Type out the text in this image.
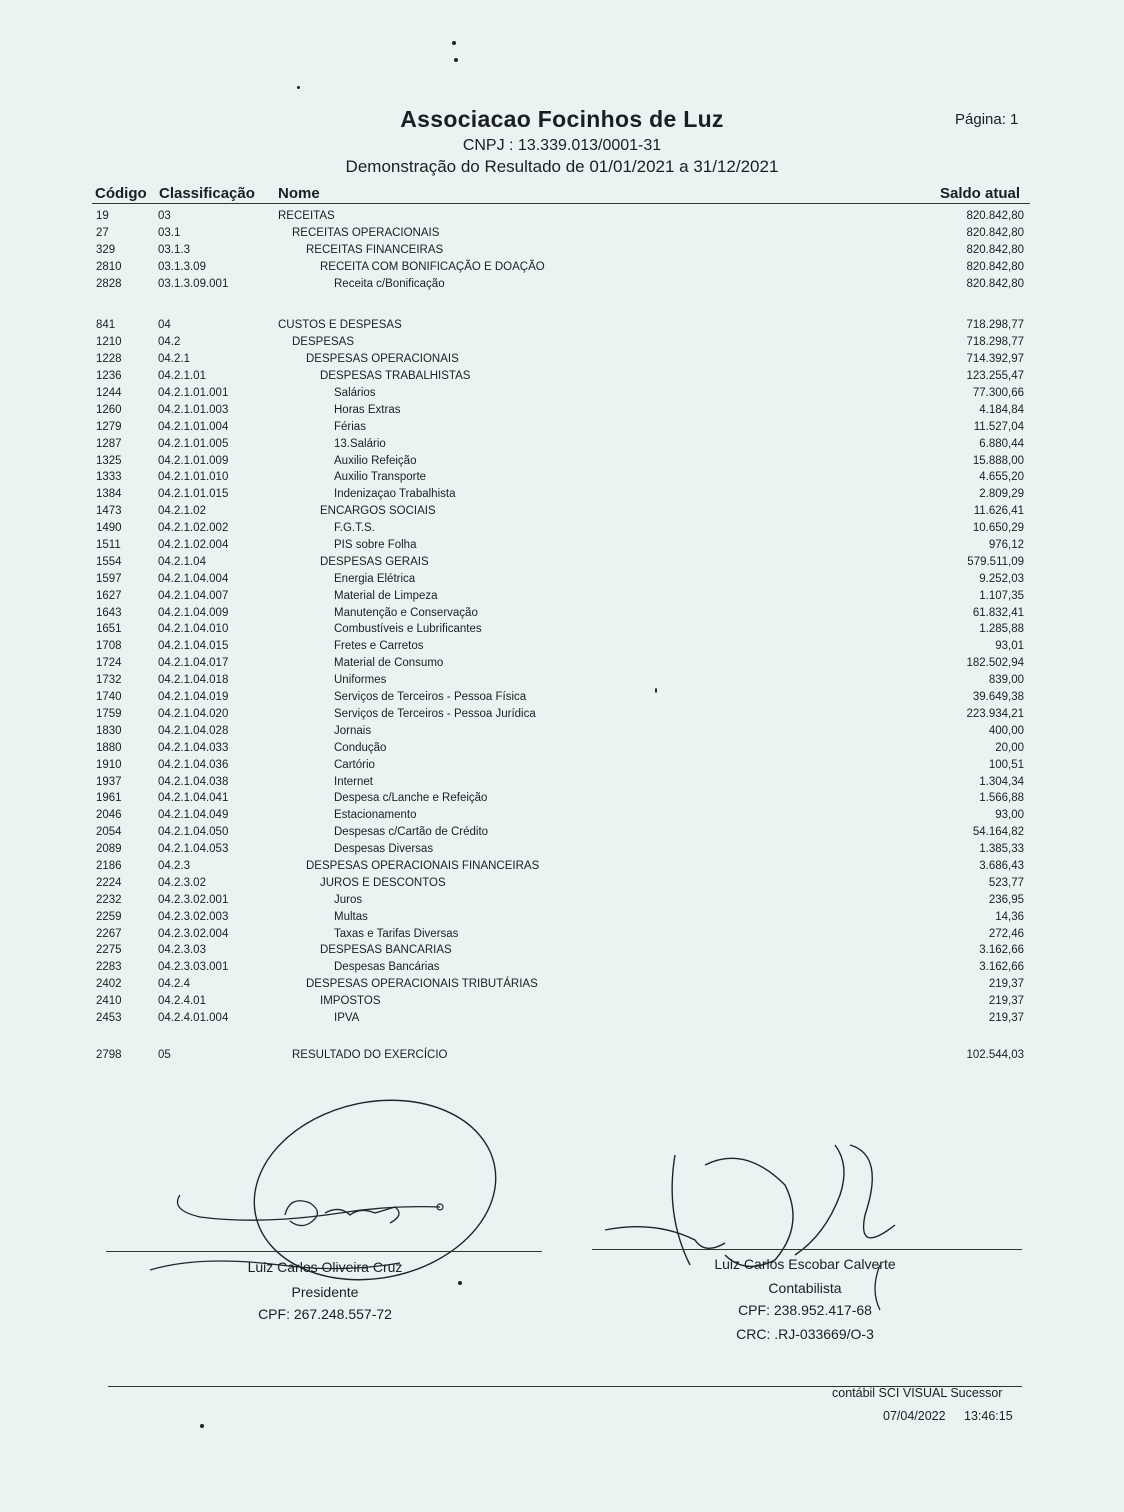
Associacao Focinhos de Luz
CNPJ : 13.339.013/0001-31
Demonstração do Resultado de 01/01/2021 a 31/12/2021
Página: 1
Código Classificação Nome	Saldo atual
19	03	RECEITAS	820.842,80
27	03.1	RECEITAS OPERACIONAIS	820.842,80
329	03.1.3	RECEITAS FINANCEIRAS	820.842,80
2810	03.1.3.09	RECEITA COM BONIFICAÇÃO E DOAÇÃO	820.842,80
2828	03.1.3.09.001	Receita c/Bonificação	820.842,80
841	04	CUSTOS E DESPESAS	718.298,77
1210	04.2	DESPESAS	718.298,77
1228	04.2.1	DESPESAS OPERACIONAIS	714.392,97
1236	04.2.1.01	DESPESAS TRABALHISTAS	123.255,47
1244	04.2.1.01.001	Salários	77.300,66
1260	04.2.1.01.003	Horas Extras	4.184,84
1279	04.2.1.01.004	Férias	11.527,04
1287	04.2.1.01.005	13.Salário	6.880,44
1325	04.2.1.01.009	Auxilio Refeição	15.888,00
1333	04.2.1.01.010	Auxilio Transporte	4.655,20
1384	04.2.1.01.015	Indenizaçao Trabalhista	2.809,29
1473	04.2.1.02	ENCARGOS SOCIAIS	11.626,41
1490	04.2.1.02.002	F.G.T.S.	10.650,29
1511	04.2.1.02.004	PIS sobre Folha	976,12
1554	04.2.1.04	DESPESAS GERAIS	579.511,09
1597	04.2.1.04.004	Energia Elétrica	9.252,03
1627	04.2.1.04.007	Material de Limpeza	1.107,35
1643	04.2.1.04.009	Manutenção e Conservação	61.832,41
1651	04.2.1.04.010	Combustíveis e Lubrificantes	1.285,88
1708	04.2.1.04.015	Fretes e Carretos	93,01
1724	04.2.1.04.017	Material de Consumo	182.502,94
1732	04.2.1.04.018	Uniformes	839,00
1740	04.2.1.04.019	Serviços de Terceiros - Pessoa Física	39.649,38
1759	04.2.1.04.020	Serviços de Terceiros - Pessoa Jurídica	223.934,21
1830	04.2.1.04.028	Jornais	400,00
1880	04.2.1.04.033	Condução	20,00
1910	04.2.1.04.036	Cartório	100,51
1937	04.2.1.04.038	Internet	1.304,34
1961	04.2.1.04.041	Despesa c/Lanche e Refeição	1.566,88
2046	04.2.1.04.049	Estacionamento	93,00
2054	04.2.1.04.050	Despesas c/Cartão de Crédito	54.164,82
2089	04.2.1.04.053	Despesas Diversas	1.385,33
2186	04.2.3	DESPESAS OPERACIONAIS FINANCEIRAS	3.686,43
2224	04.2.3.02	JUROS E DESCONTOS	523,77
2232	04.2.3.02.001	Juros	236,95
2259	04.2.3.02.003	Multas	14,36
2267	04.2.3.02.004	Taxas e Tarifas Diversas	272,46
2275	04.2.3.03	DESPESAS BANCARIAS	3.162,66
2283	04.2.3.03.001	Despesas Bancárias	3.162,66
2402	04.2.4	DESPESAS OPERACIONAIS TRIBUTÁRIAS	219,37
2410	04.2.4.01	IMPOSTOS	219,37
2453	04.2.4.01.004	IPVA	219,37
2798	05	RESULTADO DO EXERCÍCIO	102.544,03
Luiz Carlos Oliveira Cruz
Presidente
CPF: 267.248.557-72
Luiz Carlos Escobar Calverte
Contabilista
CPF: 238.952.417-68
CRC: .RJ-033669/O-3
contábil SCI VISUAL Sucessor
07/04/2022 13:46:15
